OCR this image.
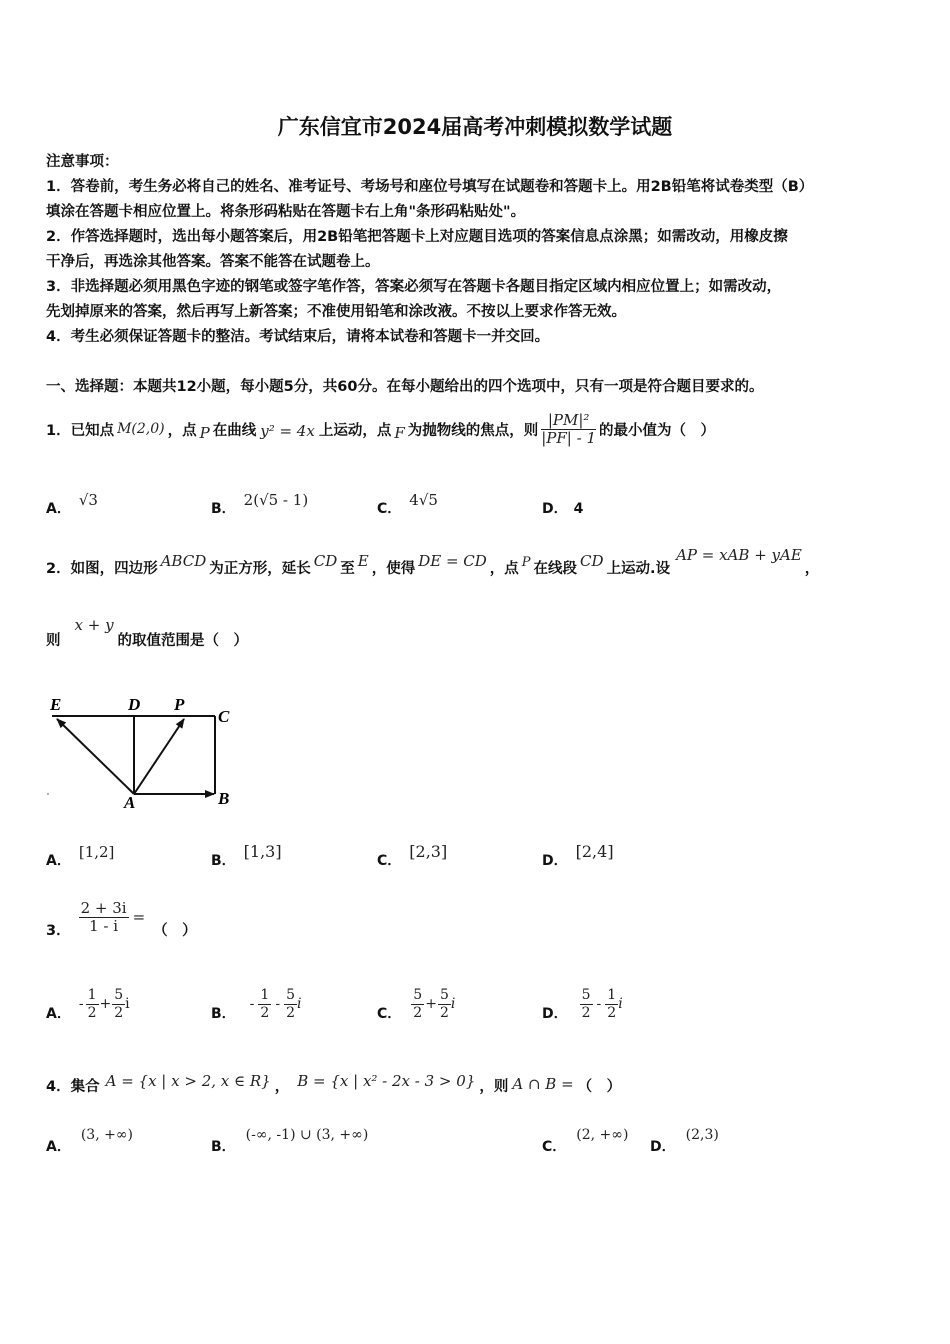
广东信宜市2024届高考冲刺模拟数学试题
注意事项：
1．答卷前，考生务必将自己的姓名、准考证号、考场号和座位号填写在试题卷和答题卡上。用2B铅笔将试卷类型（B）
填涂在答题卡相应位置上。将条形码粘贴在答题卡右上角"条形码粘贴处"。
2．作答选择题时，选出每小题答案后，用2B铅笔把答题卡上对应题目选项的答案信息点涂黑；如需改动，用橡皮擦
干净后，再选涂其他答案。答案不能答在试题卷上。
3．非选择题必须用黑色字迹的钢笔或签字笔作答，答案必须写在答题卡各题目指定区域内相应位置上；如需改动，
先划掉原来的答案，然后再写上新答案；不准使用铅笔和涂改液。不按以上要求作答无效。
4．考生必须保证答题卡的整洁。考试结束后，请将本试卷和答题卡一并交回。
一、选择题：本题共12小题，每小题5分，共60分。在每小题给出的四个选项中，只有一项是符合题目要求的。
1．已知点 M(2,0) ，点 P 在曲线 y² = 4x 上运动，点 F 为抛物线的焦点，则 $\frac{\text{|PM|²}}{|PF| - 1}$ 的最小值为（　）
A． √3	B． 2(√5 - 1)	C． 4√5	D． 4
2．如图，四边形 ABCD 为正方形，延长 CD 至 E ，使得 DE = CD ，点 P 在线段 CD 上运动.设
AP = xAB + yAE
，
则
x + y
的取值范围是（　）
E	D P
C
A	B
A． [1,2]	B． [1,3]	C． [2,3]	D． [2,4]
3． $\frac{2 + 3i}{1 - i}$ =
（　）
A．
- $\frac{1}{2} + \frac{5}{2}$ i
B．
- $\frac{1}{2} - \frac{5}{2}$ i
C． $\frac{5}{2} + \frac{5}{2}$ i
D． $\frac{5}{2} - \frac{1}{2}$ i
4．集合 A = {x | x > 2, x ∈ R} ， B = {x | x² - 2x - 3 > 0} ，则 A ∩ B = （　）
A．(3, +∞)
B．(-∞, -1) ∪ (3, +∞)
C．(2, +∞)
D．(2,3)
